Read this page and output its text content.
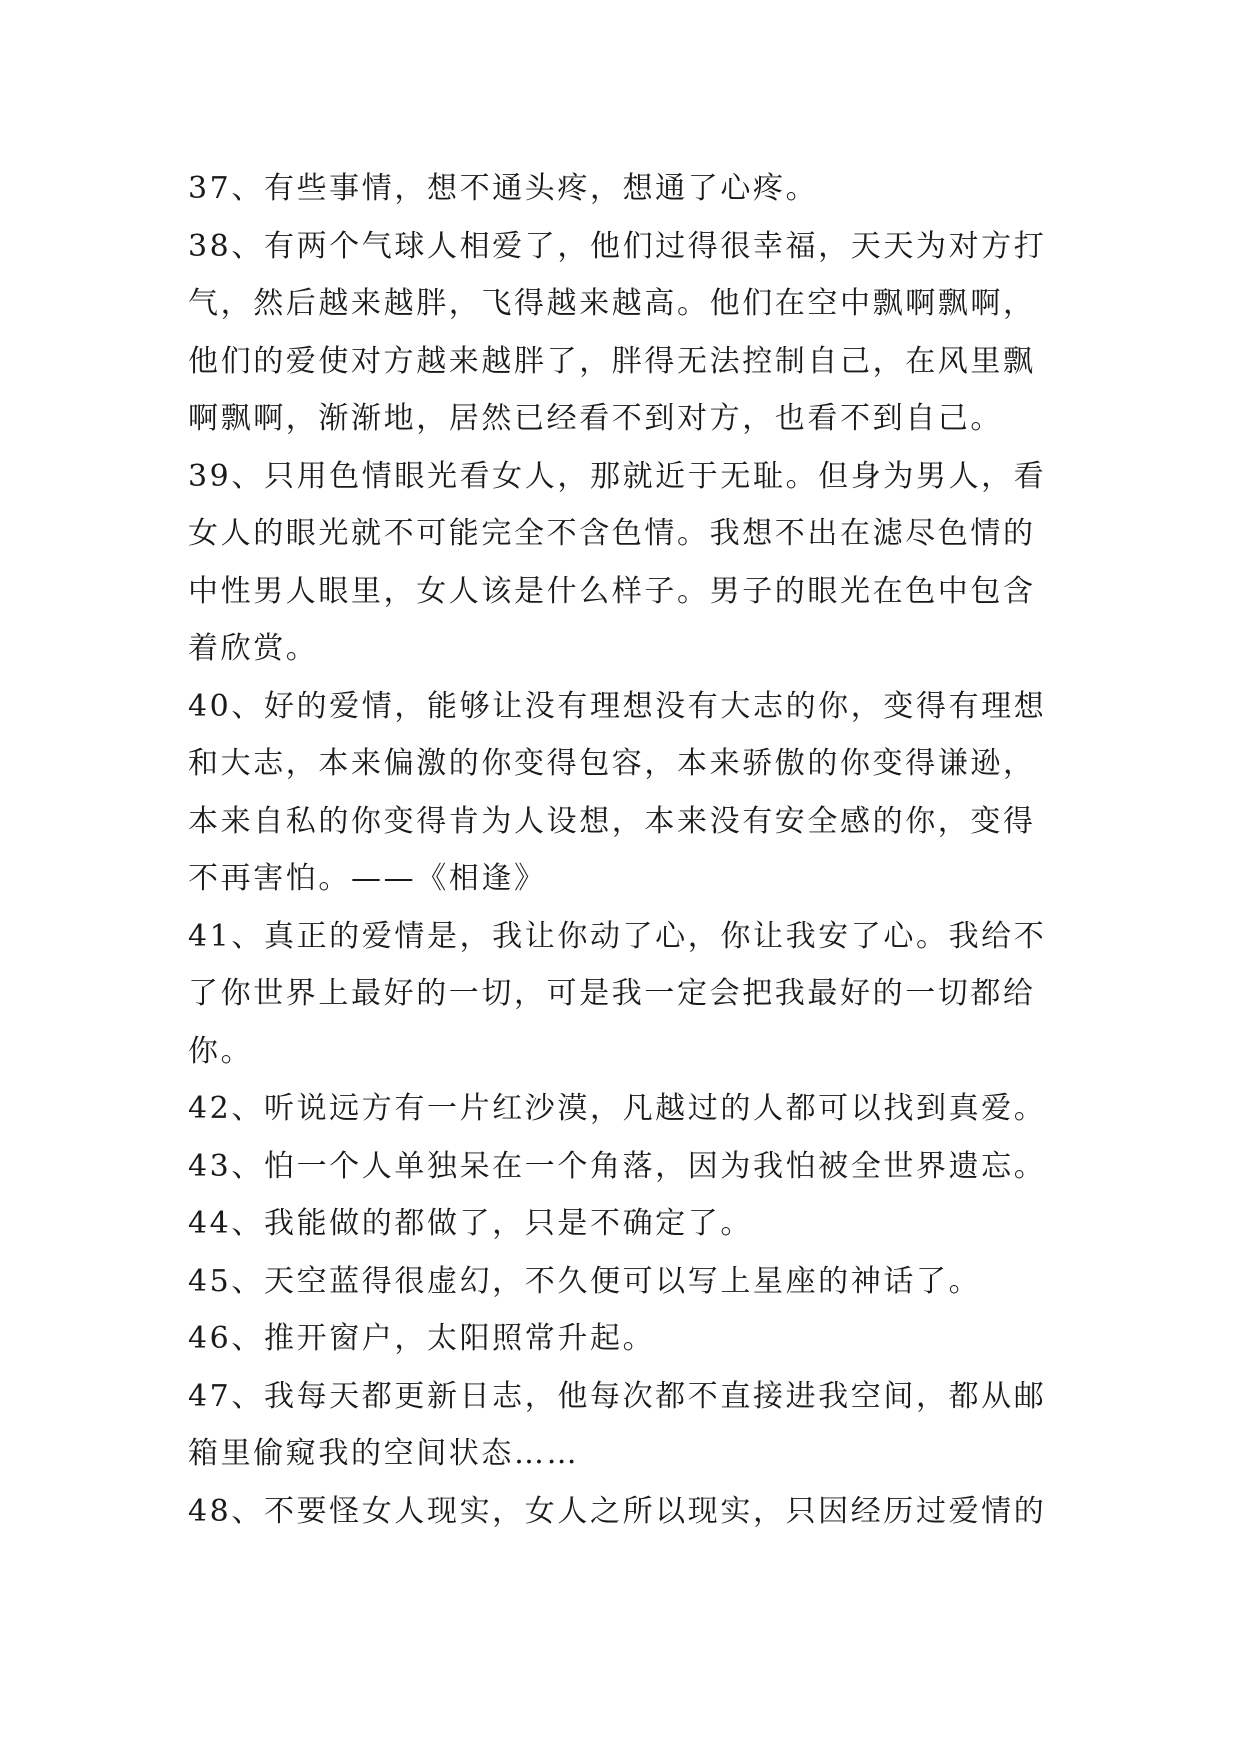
37、有些事情，想不通头疼，想通了心疼。
38、有两个气球人相爱了，他们过得很幸福，天天为对方打
气，然后越来越胖，飞得越来越高。他们在空中飘啊飘啊，
他们的爱使对方越来越胖了，胖得无法控制自己，在风里飘
啊飘啊，渐渐地，居然已经看不到对方，也看不到自己。
39、只用色情眼光看女人，那就近于无耻。但身为男人，看
女人的眼光就不可能完全不含色情。我想不出在滤尽色情的
中性男人眼里，女人该是什么样子。男子的眼光在色中包含
着欣赏。
40、好的爱情，能够让没有理想没有大志的你，变得有理想
和大志，本来偏激的你变得包容，本来骄傲的你变得谦逊，
本来自私的你变得肯为人设想，本来没有安全感的你，变得
不再害怕。——《相逢》
41、真正的爱情是，我让你动了心，你让我安了心。我给不
了你世界上最好的一切，可是我一定会把我最好的一切都给
你。
42、听说远方有一片红沙漠，凡越过的人都可以找到真爱。
43、怕一个人单独呆在一个角落，因为我怕被全世界遗忘。
44、我能做的都做了，只是不确定了。
45、天空蓝得很虚幻，不久便可以写上星座的神话了。
46、推开窗户，太阳照常升起。
47、我每天都更新日志，他每次都不直接进我空间，都从邮
箱里偷窥我的空间状态……
48、不要怪女人现实，女人之所以现实，只因经历过爱情的
